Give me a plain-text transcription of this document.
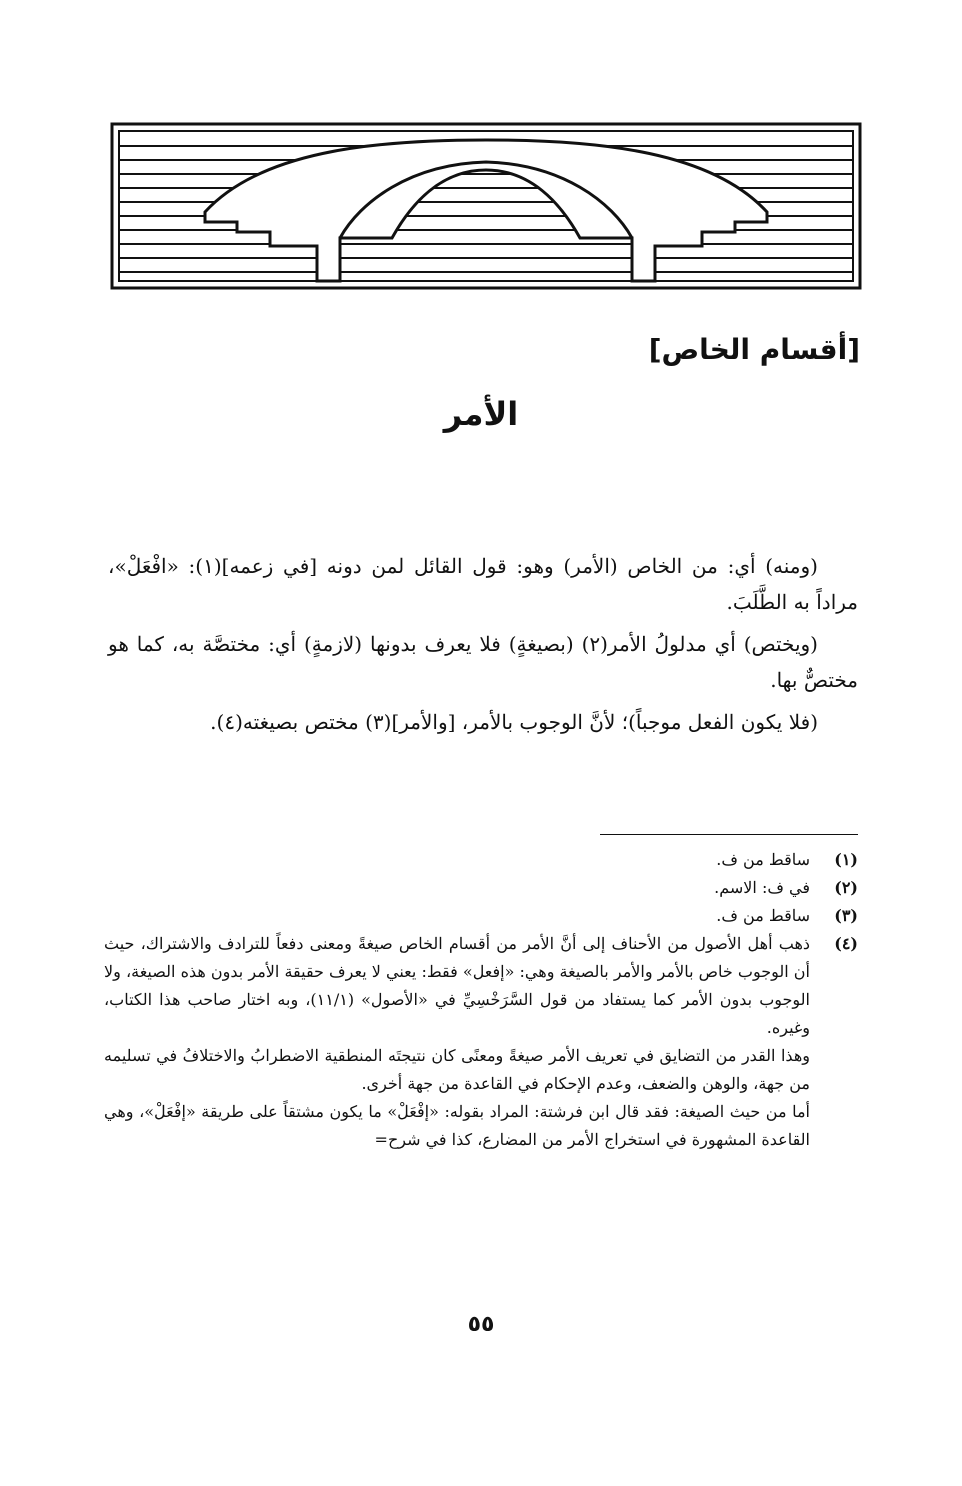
[أقسام الخاص]
الأمر

(ومنه) أي: من الخاص (الأمر) وهو: قول القائل لمن دونه [في زعمه](١): «افْعَلْ»، مراداً به الطَّلَبَ.

(ويختص) أي مدلولُ الأمر(٢) (بصيغةٍ) فلا يعرف بدونها (لازمةٍ) أي: مختصَّة به، كما هو مختصٌّ بها.

(فلا يكون الفعل موجباً)؛ لأنَّ الوجوب بالأمر، [والأمر](٣) مختص بصيغته(٤).

(١)

ساقط من ف.

(٢)

في ف: الاسم.

(٣)

ساقط من ف.

(٤)

ذهب أهل الأصول من الأحناف إلى أنَّ الأمر من أقسام الخاص صيغةً ومعنى دفعاً للترادف والاشتراك، حيث أن الوجوب خاص بالأمر والأمر بالصيغة وهي: «إفعل» فقط: يعني لا يعرف حقيقة الأمر بدون هذه الصيغة، ولا الوجوب بدون الأمر كما يستفاد من قول السَّرَخْسِيِّ في «الأصول» (١١/١)، وبه اختار صاحب هذا الكتاب، وغيره.

وهذا القدر من التضايق في تعريف الأمر صيغةً ومعنًى كان نتيجتَه المنطقية الاضطرابُ والاختلافُ في تسليمه من جهة، والوهن والضعف، وعدم الإحكام في القاعدة من جهة أخرى.

أما من حيث الصيغة: فقد قال ابن فرشتة: المراد بقوله: «إفْعَلْ» ما يكون مشتقاً على طريقة «إفْعَلْ»، وهي القاعدة المشهورة في استخراج الأمر من المضارع، كذا في شرح=

٥٥
